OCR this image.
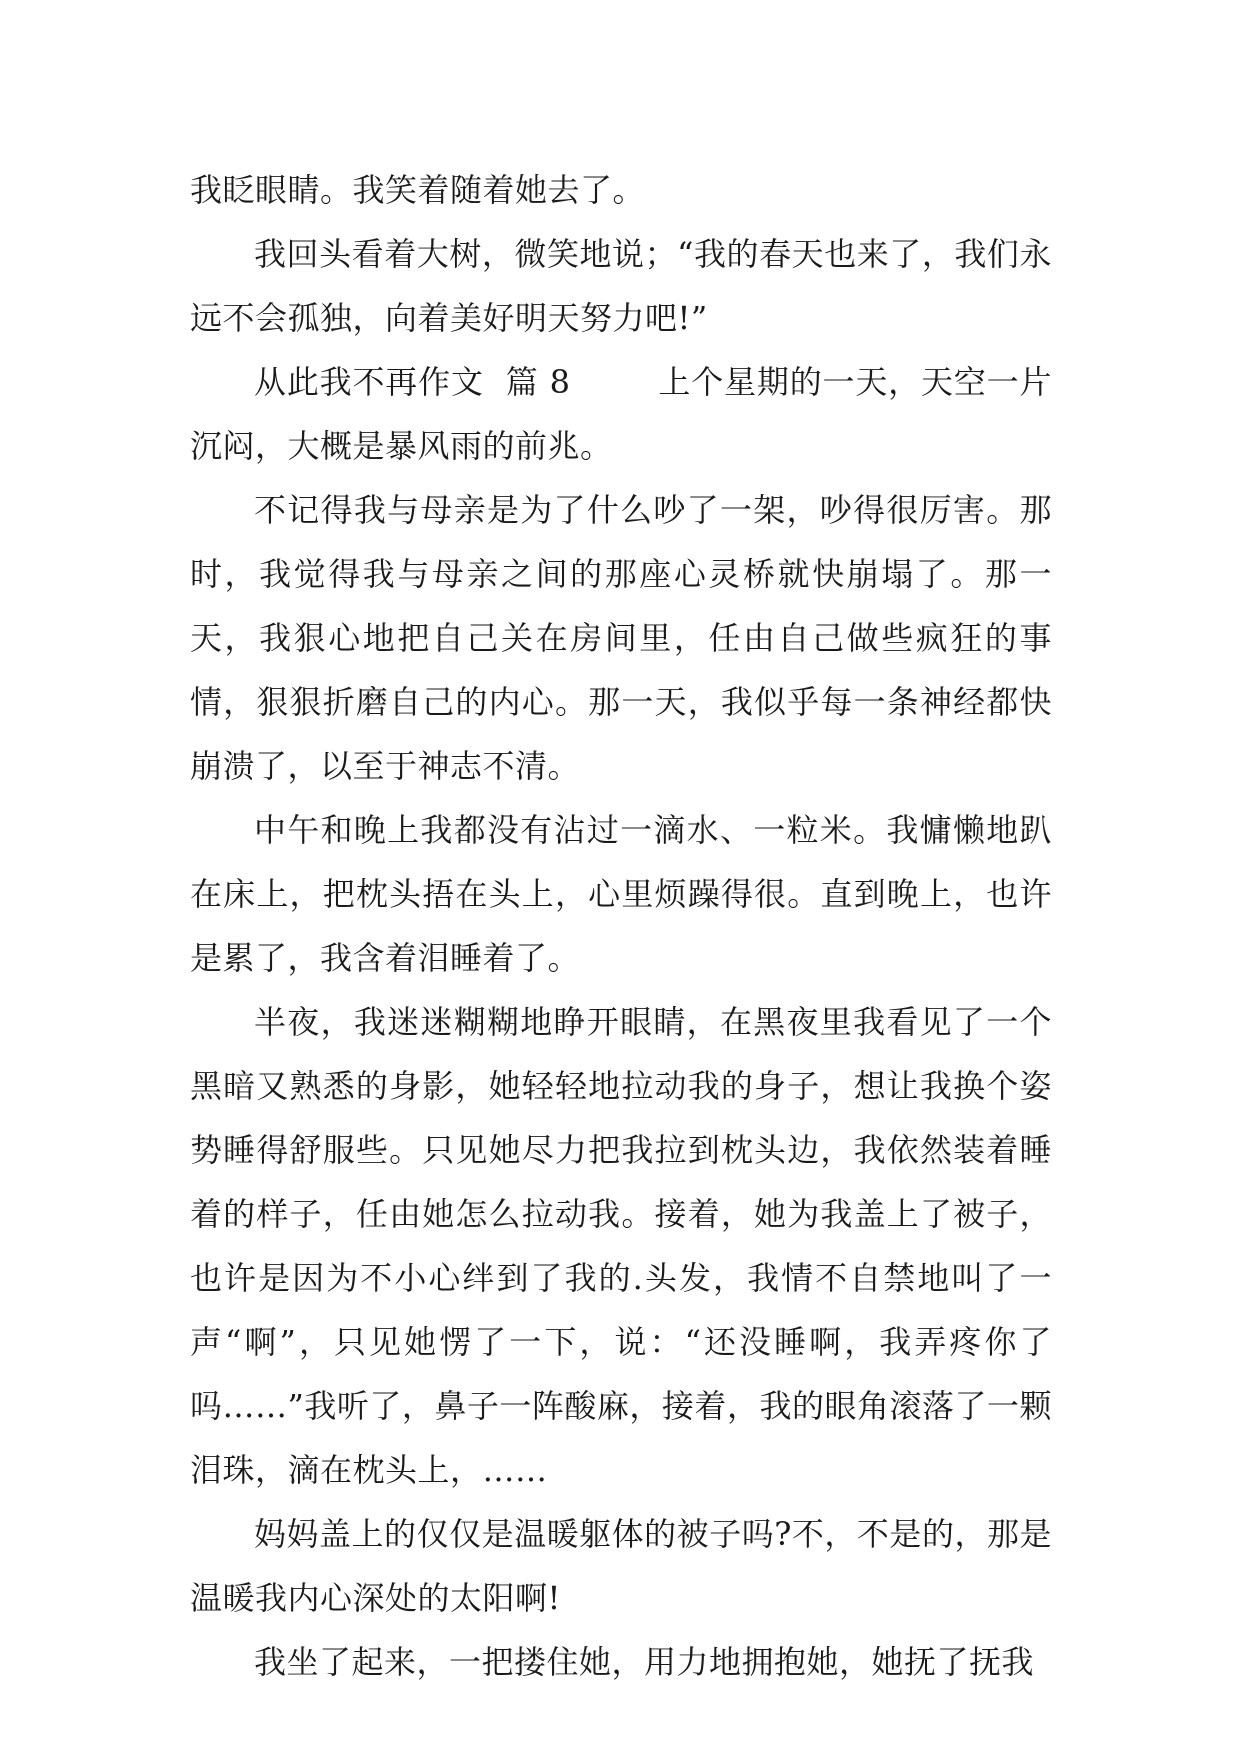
我眨眼睛。我笑着随着她去了。

我回头看着大树，微笑地说；“我的春天也来了，我们永远不会孤独，向着美好明天努力吧!”

从此我不再作文  篇 8        上个星期的一天，天空一片沉闷，大概是暴风雨的前兆。

不记得我与母亲是为了什么吵了一架，吵得很厉害。那时，我觉得我与母亲之间的那座心灵桥就快崩塌了。那一天，我狠心地把自己关在房间里，任由自己做些疯狂的事情，狠狠折磨自己的内心。那一天，我似乎每一条神经都快崩溃了，以至于神志不清。

中午和晚上我都没有沾过一滴水、一粒米。我慵懒地趴在床上，把枕头捂在头上，心里烦躁得很。直到晚上，也许是累了，我含着泪睡着了。

半夜，我迷迷糊糊地睁开眼睛，在黑夜里我看见了一个黑暗又熟悉的身影，她轻轻地拉动我的身子，想让我换个姿势睡得舒服些。只见她尽力把我拉到枕头边，我依然装着睡着的样子，任由她怎么拉动我。接着，她为我盖上了被子，也许是因为不小心绊到了我的.头发，我情不自禁地叫了一声“啊”，只见她愣了一下，说：“还没睡啊，我弄疼你了吗……”我听了，鼻子一阵酸麻，接着，我的眼角滚落了一颗泪珠，滴在枕头上，……

妈妈盖上的仅仅是温暖躯体的被子吗?不，不是的，那是温暖我内心深处的太阳啊!

我坐了起来，一把搂住她，用力地拥抱她，她抚了抚我
